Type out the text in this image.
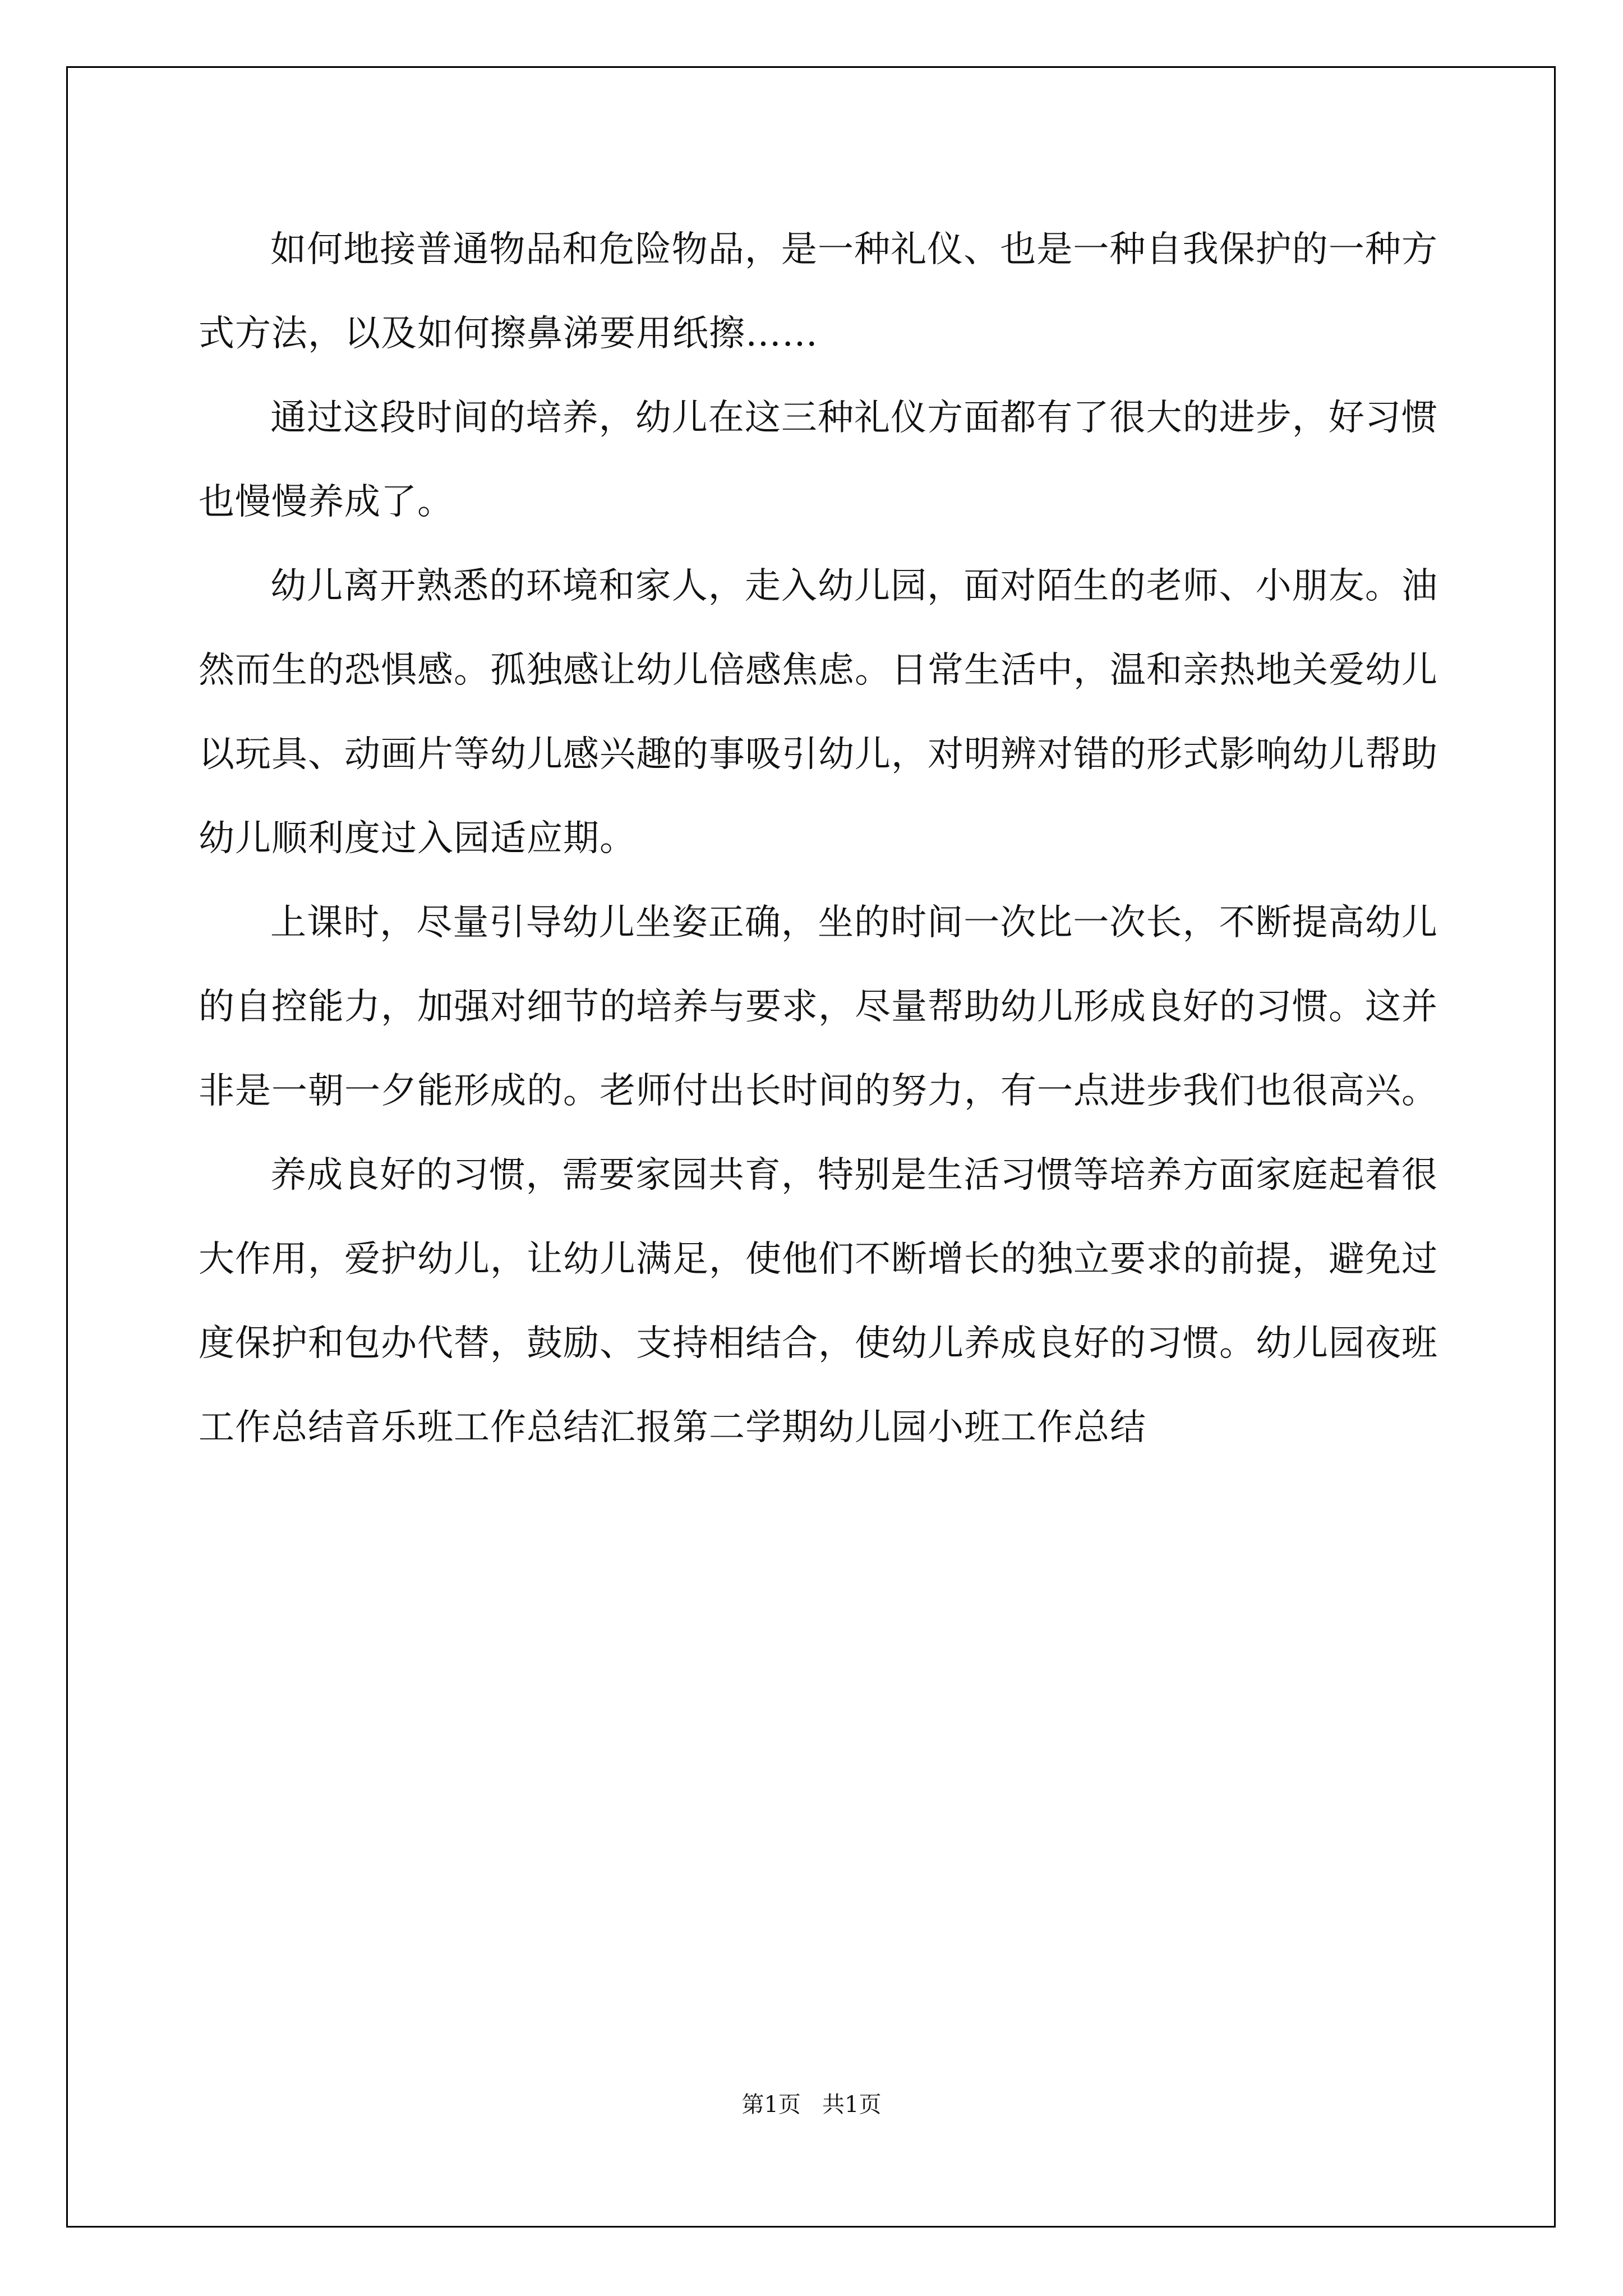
如何地接普通物品和危险物品，是一种礼仪、也是一种自我保护的一种方式方法，以及如何擦鼻涕要用纸擦……

通过这段时间的培养，幼儿在这三种礼仪方面都有了很大的进步，好习惯也慢慢养成了。

幼儿离开熟悉的环境和家人，走入幼儿园，面对陌生的老师、小朋友。油然而生的恐惧感。孤独感让幼儿倍感焦虑。日常生活中，温和亲热地关爱幼儿以玩具、动画片等幼儿感兴趣的事吸引幼儿，对明辨对错的形式影响幼儿帮助幼儿顺利度过入园适应期。

上课时，尽量引导幼儿坐姿正确，坐的时间一次比一次长，不断提高幼儿的自控能力，加强对细节的培养与要求，尽量帮助幼儿形成良好的习惯。这并非是一朝一夕能形成的。老师付出长时间的努力，有一点进步我们也很高兴。

养成良好的习惯，需要家园共育，特别是生活习惯等培养方面家庭起着很大作用，爱护幼儿，让幼儿满足，使他们不断增长的独立要求的前提，避免过度保护和包办代替，鼓励、支持相结合，使幼儿养成良好的习惯。幼儿园夜班工作总结音乐班工作总结汇报第二学期幼儿园小班工作总结

第1页   共1页
